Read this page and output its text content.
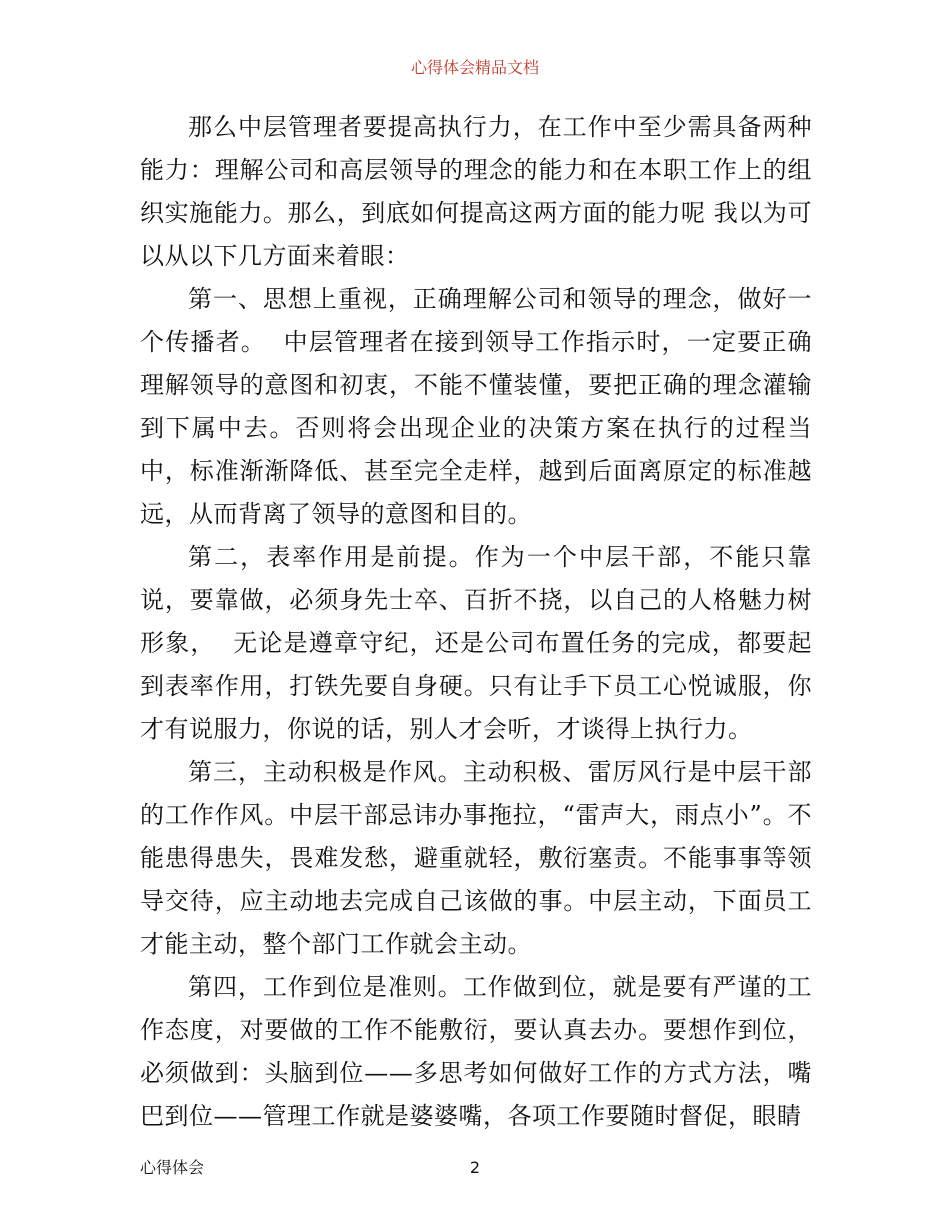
心得体会精品文档

那么中层管理者要提高执行力，在工作中至少需具备两种能力：理解公司和高层领导的理念的能力和在本职工作上的组织实施能力。那么，到底如何提高这两方面的能力呢 我以为可以从以下几方面来着眼：

第一、思想上重视，正确理解公司和领导的理念，做好一个传播者。  中层管理者在接到领导工作指示时，一定要正确理解领导的意图和初衷，不能不懂装懂，要把正确的理念灌输到下属中去。否则将会出现企业的决策方案在执行的过程当中，标准渐渐降低、甚至完全走样，越到后面离原定的标准越远，从而背离了领导的意图和目的。

第二，表率作用是前提。作为一个中层干部，不能只靠说，要靠做，必须身先士卒、百折不挠，以自己的人格魅力树形象，  无论是遵章守纪，还是公司布置任务的完成，都要起到表率作用，打铁先要自身硬。只有让手下员工心悦诚服，你才有说服力，你说的话，别人才会听，才谈得上执行力。

第三，主动积极是作风。主动积极、雷厉风行是中层干部的工作作风。中层干部忌讳办事拖拉，“雷声大，雨点小”。不能患得患失，畏难发愁，避重就轻，敷衍塞责。不能事事等领导交待，应主动地去完成自己该做的事。中层主动，下面员工才能主动，整个部门工作就会主动。

第四，工作到位是准则。工作做到位，就是要有严谨的工作态度，对要做的工作不能敷衍，要认真去办。要想作到位，必须做到：头脑到位——多思考如何做好工作的方式方法，嘴巴到位——管理工作就是婆婆嘴，各项工作要随时督促，眼睛

心得体会	2
